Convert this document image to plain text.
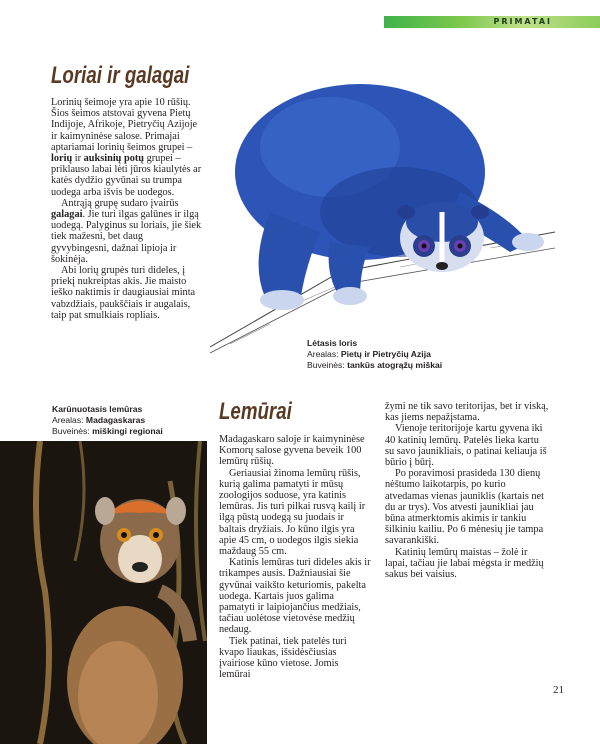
PRIMATAI
Loriai ir galagai

Lorinių šeimoje yra apie 10 rūšių. Šios šeimos atstovai gyvena Pietų Indijoje, Afrikoje, Pietryčių Azijoje ir kaimyninėse salose. Primajai aptariamai lorinių šeimos grupei – lorių ir auksinių potų grupei – priklauso labai lėti jūros kiaulytės ar katės dydžio gyvūnai su trumpa uodega arba išvis be uodegos.

Antrąją grupę sudaro įvairūs galagai. Jie turi ilgas galūnes ir ilgą uodegą. Palyginus su loriais, jie šiek tiek mažesni, bet daug gyvybingesni, dažnai lipioja ir šokinėja.

Abi lorių grupės turi dideles, į priekį nukreiptas akis. Jie maisto ieško naktimis ir daugiausiai minta vabzdžiais, paukščiais ir augalais, taip pat smulkiais ropliais.

Lėtasis loris
Arealas: Pietų ir Pietryčių Azija
Buveinės: tankūs atogrąžų miškai
Karūnuotasis lemūras
Arealas: Madagaskaras
Buveinės: miškingi regionai
Lemūrai

Madagaskaro saloje ir kaimyninėse Komorų salose gyvena beveik 100 lemūrų rūšių.

Geriausiai žinoma lemūrų rūšis, kurią galima pamatyti ir mūsų zoologijos soduose, yra katinis lemūras. Jis turi pilkai rusvą kailį ir ilgą pūstą uodegą su juodais ir baltais dryžiais. Jo kūno ilgis yra apie 45 cm, o uodegos ilgis siekia maždaug 55 cm.

Katinis lemūras turi dideles akis ir trikampes ausis. Dažniausiai šie gyvūnai vaikšto keturiomis, pakelta uodega. Kartais juos galima pamatyti ir laipiojančius medžiais, tačiau uolėtose vietovėse medžių nedaug.

Tiek patinai, tiek patelės turi kvapo liaukas, išsidėsčiusias įvairiose kūno vietose. Jomis lemūrai

žymi ne tik savo teritorijas, bet ir viską, kas jiems nepažįstama.

Vienoje teritorijoje kartu gyvena iki 40 katinių lemūrų. Patelės liekа kartu su savo jaunikliais, o patinai keliauja iš būrio į būrį.

Po poravimosi prasideda 130 dienų nėštumo laikotarpis, po kurio atvedamas vienas jauniklis (kartais net du ar trys). Vos atvesti jaunikliai jau būna atmerktomis akimis ir tankiu šilkiniu kailiu. Po 6 mėnesių jie tampa savarankiški.

Katinių lemūrų maistas – žolė ir lapai, tačiau jie labai mėgsta ir medžių sakus bei vaisius.

21
